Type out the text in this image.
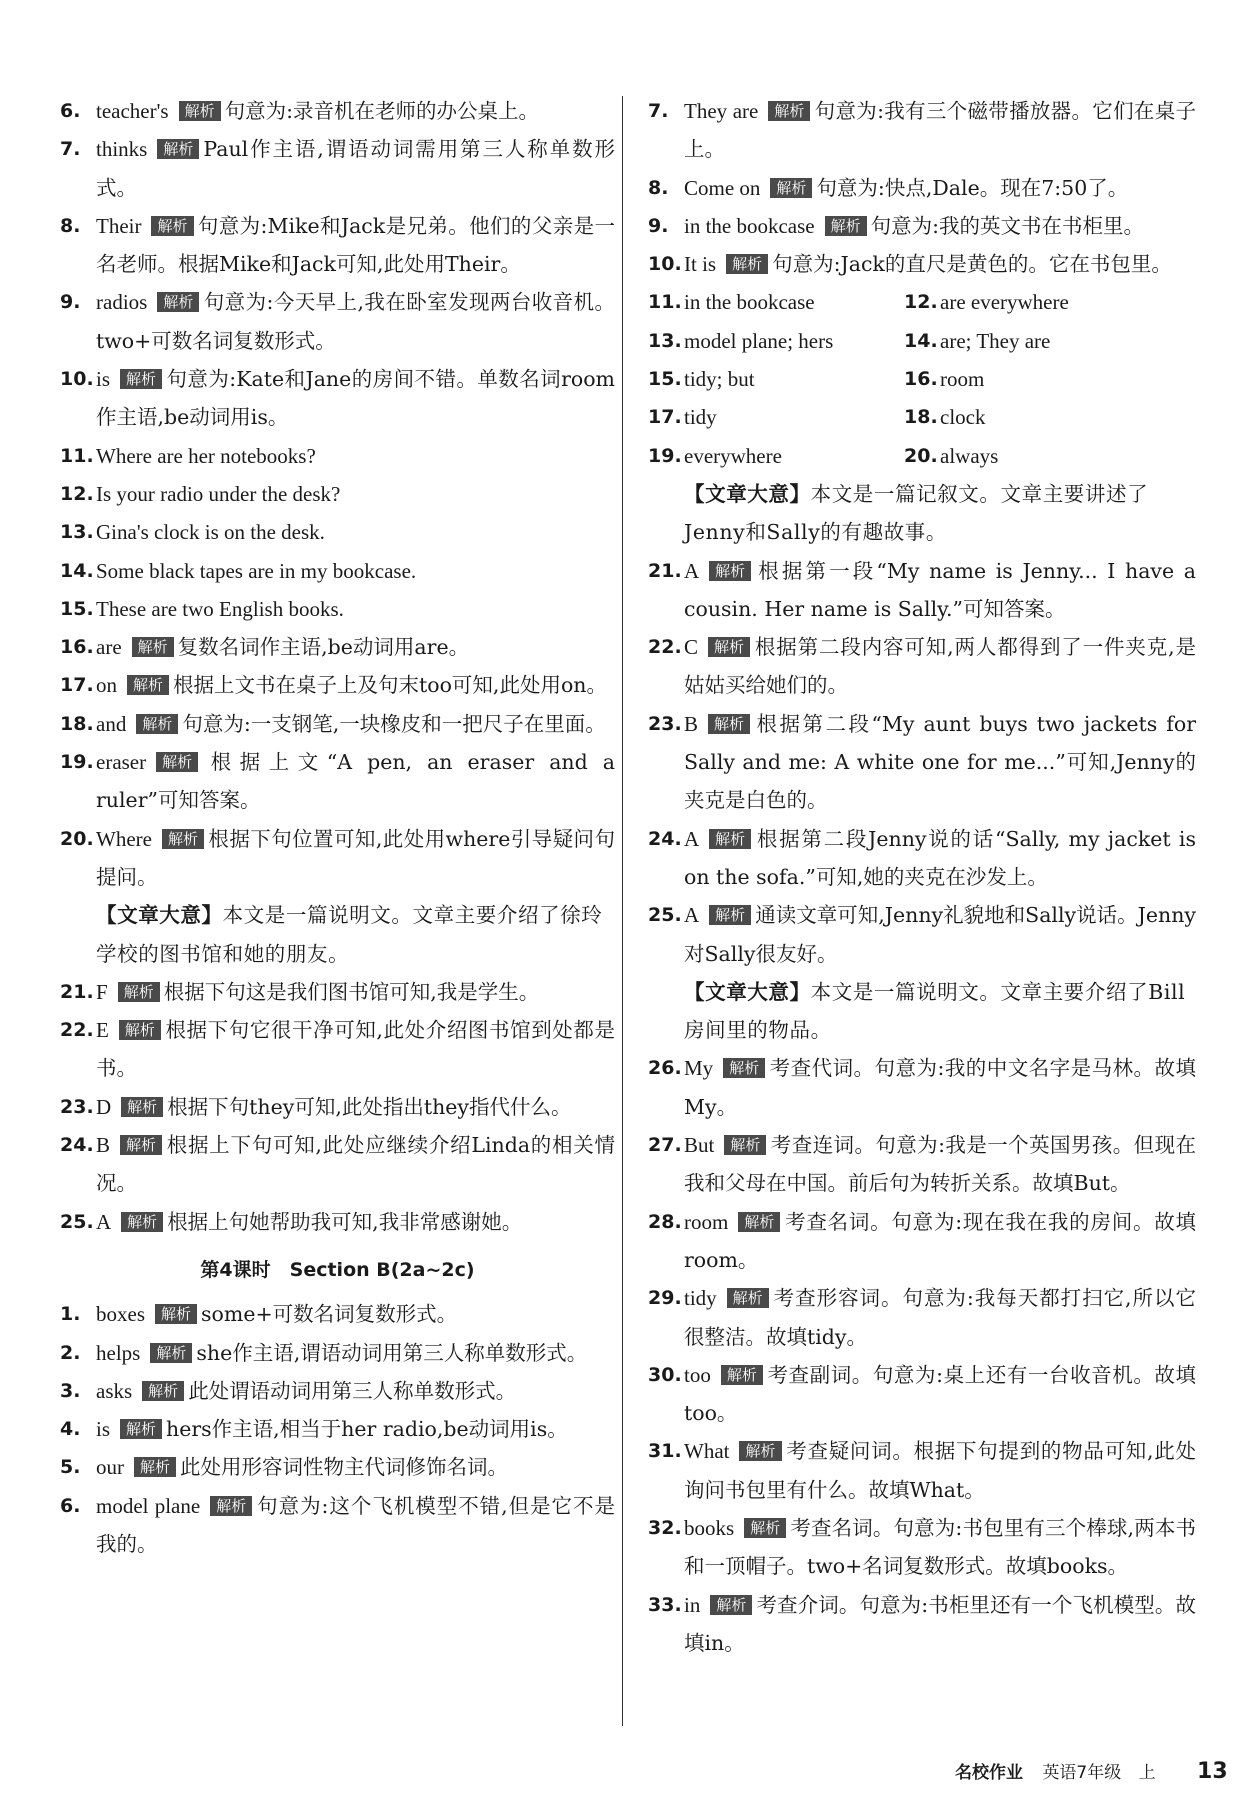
6. teacher's 解析 句意为:录音机在老师的办公桌上。
7. thinks 解析 Paul作主语,谓语动词需用第三人称单数形式。
8. Their 解析 句意为:Mike和Jack是兄弟。他们的父亲是一名老师。根据Mike和Jack可知,此处用Their。
9. radios 解析 句意为:今天早上,我在卧室发现两台收音机。two+可数名词复数形式。
10. is 解析 句意为:Kate和Jane的房间不错。单数名词room作主语,be动词用is。
11. Where are her notebooks?
12. Is your radio under the desk?
13. Gina's clock is on the desk.
14. Some black tapes are in my bookcase.
15. These are two English books.
16. are 解析 复数名词作主语,be动词用are。
17. on 解析 根据上文书在桌子上及句末too可知,此处用on。
18. and 解析 句意为:一支钢笔,一块橡皮和一把尺子在里面。
19. eraser 解析 根据上文“A pen, an eraser and a ruler”可知答案。
20. Where 解析 根据下句位置可知,此处用where引导疑问句提问。
【文章大意】本文是一篇说明文。文章主要介绍了徐玲学校的图书馆和她的朋友。
21. F 解析 根据下句这是我们图书馆可知,我是学生。
22. E 解析 根据下句它很干净可知,此处介绍图书馆到处都是书。
23. D 解析 根据下句they可知,此处指出they指代什么。
24. B 解析 根据上下句可知,此处应继续介绍Linda的相关情况。
25. A 解析 根据上句她帮助我可知,我非常感谢她。
第4课时　Section B(2a~2c)
1. boxes 解析 some+可数名词复数形式。
2. helps 解析 she作主语,谓语动词用第三人称单数形式。
3. asks 解析 此处谓语动词用第三人称单数形式。
4. is 解析 hers作主语,相当于her radio,be动词用is。
5. our 解析 此处用形容词性物主代词修饰名词。
6. model plane 解析 句意为:这个飞机模型不错,但是它不是我的。
7. They are 解析 句意为:我有三个磁带播放器。它们在桌子上。
8. Come on 解析 句意为:快点,Dale。现在7:50了。
9. in the bookcase 解析 句意为:我的英文书在书柜里。
10. It is 解析 句意为:Jack的直尺是黄色的。它在书包里。
11. in the bookcase	12. are everywhere
13. model plane; hers	14. are; They are
15. tidy; but	16. room
17. tidy	18. clock
19. everywhere	20. always
【文章大意】本文是一篇记叙文。文章主要讲述了Jenny和Sally的有趣故事。
21. A 解析 根据第一段“My name is Jenny... I have a cousin. Her name is Sally.”可知答案。
22. C 解析 根据第二段内容可知,两人都得到了一件夹克,是姑姑买给她们的。
23. B 解析 根据第二段“My aunt buys two jackets for Sally and me: A white one for me...”可知,Jenny的夹克是白色的。
24. A 解析 根据第二段Jenny说的话“Sally, my jacket is on the sofa.”可知,她的夹克在沙发上。
25. A 解析 通读文章可知,Jenny礼貌地和Sally说话。Jenny对Sally很友好。
【文章大意】本文是一篇说明文。文章主要介绍了Bill房间里的物品。
26. My 解析 考查代词。句意为:我的中文名字是马林。故填My。
27. But 解析 考查连词。句意为:我是一个英国男孩。但现在我和父母在中国。前后句为转折关系。故填But。
28. room 解析 考查名词。句意为:现在我在我的房间。故填room。
29. tidy 解析 考查形容词。句意为:我每天都打扫它,所以它很整洁。故填tidy。
30. too 解析 考查副词。句意为:桌上还有一台收音机。故填too。
31. What 解析 考查疑问词。根据下句提到的物品可知,此处询问书包里有什么。故填What。
32. books 解析 考查名词。句意为:书包里有三个棒球,两本书和一顶帽子。two+名词复数形式。故填books。
33. in 解析 考查介词。句意为:书柜里还有一个飞机模型。故填in。
名校作业 英语7年级 上 13
